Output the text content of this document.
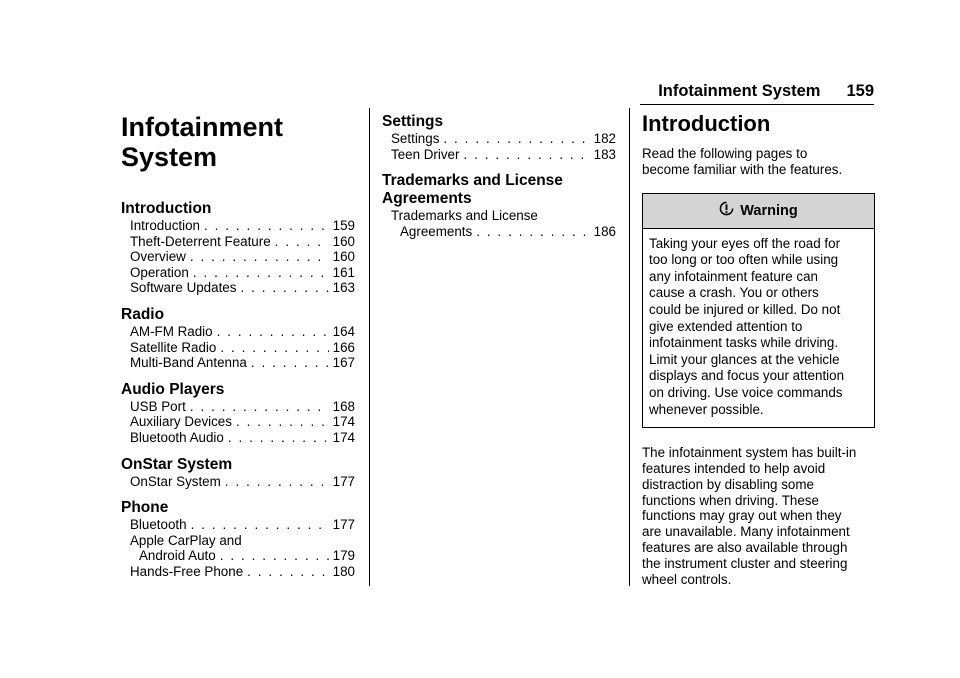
Infotainment System 159
Infotainment
System
Introduction
Introduction . . .	159
Theft-Deterrent Feature . . .	160
Overview . . .	160
Operation . . .	161
Software Updates . . .	163
Radio
AM-FM Radio . . .	164
Satellite Radio . . .	166
Multi-Band Antenna . . .	167
Audio Players
USB Port . . .	168
Auxiliary Devices . . .	174
Bluetooth Audio . . .	174
OnStar System
OnStar System . . .	177
Phone
Bluetooth . . .	177
Apple CarPlay and
Android Auto . . .	179
Hands-Free Phone . . .	180
Settings
Settings . . .	182
Teen Driver . . .	183
Trademarks and License
Agreements
Trademarks and License
Agreements . . .	186
Introduction
Read the following pages to
become familiar with the features.
Warning
Taking your eyes off the road for
too long or too often while using
any infotainment feature can
cause a crash. You or others
could be injured or killed. Do not
give extended attention to
infotainment tasks while driving.
Limit your glances at the vehicle
displays and focus your attention
on driving. Use voice commands
whenever possible.
The infotainment system has built-in
features intended to help avoid
distraction by disabling some
functions when driving. These
functions may gray out when they
are unavailable. Many infotainment
features are also available through
the instrument cluster and steering
wheel controls.
